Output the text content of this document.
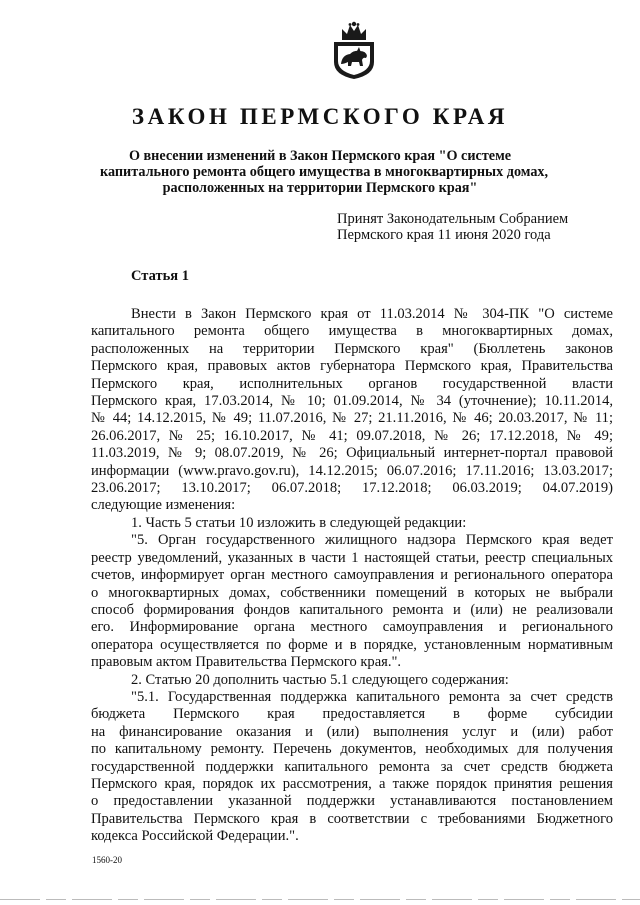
ЗАКОН ПЕРМСКОГО КРАЯ
О внесении изменений в Закон Пермского края "О системе
капитального ремонта общего имущества в многоквартирных домах,
расположенных на территории Пермского края"
Принят Законодательным Собранием
Пермского края 11 июня 2020 года
Статья 1
Внести в Закон Пермского края от 11.03.2014 № 304-ПК "О системе
капитального ремонта общего имущества в многоквартирных домах,
расположенных на территории Пермского края" (Бюллетень законов
Пермского края, правовых актов губернатора Пермского края, Правительства
Пермского края, исполнительных органов государственной власти
Пермского края, 17.03.2014, № 10; 01.09.2014, № 34 (уточнение); 10.11.2014,
№ 44; 14.12.2015, № 49; 11.07.2016, № 27; 21.11.2016, № 46; 20.03.2017, № 11;
26.06.2017, № 25; 16.10.2017, № 41; 09.07.2018, № 26; 17.12.2018, № 49;
11.03.2019, № 9; 08.07.2019, № 26; Официальный интернет-портал правовой
информации (www.pravo.gov.ru), 14.12.2015; 06.07.2016; 17.11.2016; 13.03.2017;
23.06.2017; 13.10.2017; 06.07.2018; 17.12.2018; 06.03.2019; 04.07.2019)
следующие изменения:
1. Часть 5 статьи 10 изложить в следующей редакции:
"5. Орган государственного жилищного надзора Пермского края ведет
реестр уведомлений, указанных в части 1 настоящей статьи, реестр специальных
счетов, информирует орган местного самоуправления и регионального оператора
о многоквартирных домах, собственники помещений в которых не выбрали
способ формирования фондов капитального ремонта и (или) не реализовали
его. Информирование органа местного самоуправления и регионального
оператора осуществляется по форме и в порядке, установленным нормативным
правовым актом Правительства Пермского края.".
2. Статью 20 дополнить частью 5.1 следующего содержания:
"5.1. Государственная поддержка капитального ремонта за счет средств
бюджета Пермского края предоставляется в форме субсидии
на финансирование оказания и (или) выполнения услуг и (или) работ
по капитальному ремонту. Перечень документов, необходимых для получения
государственной поддержки капитального ремонта за счет средств бюджета
Пермского края, порядок их рассмотрения, а также порядок принятия решения
о предоставлении указанной поддержки устанавливаются постановлением
Правительства Пермского края в соответствии с требованиями Бюджетного
кодекса Российской Федерации.".
1560-20
